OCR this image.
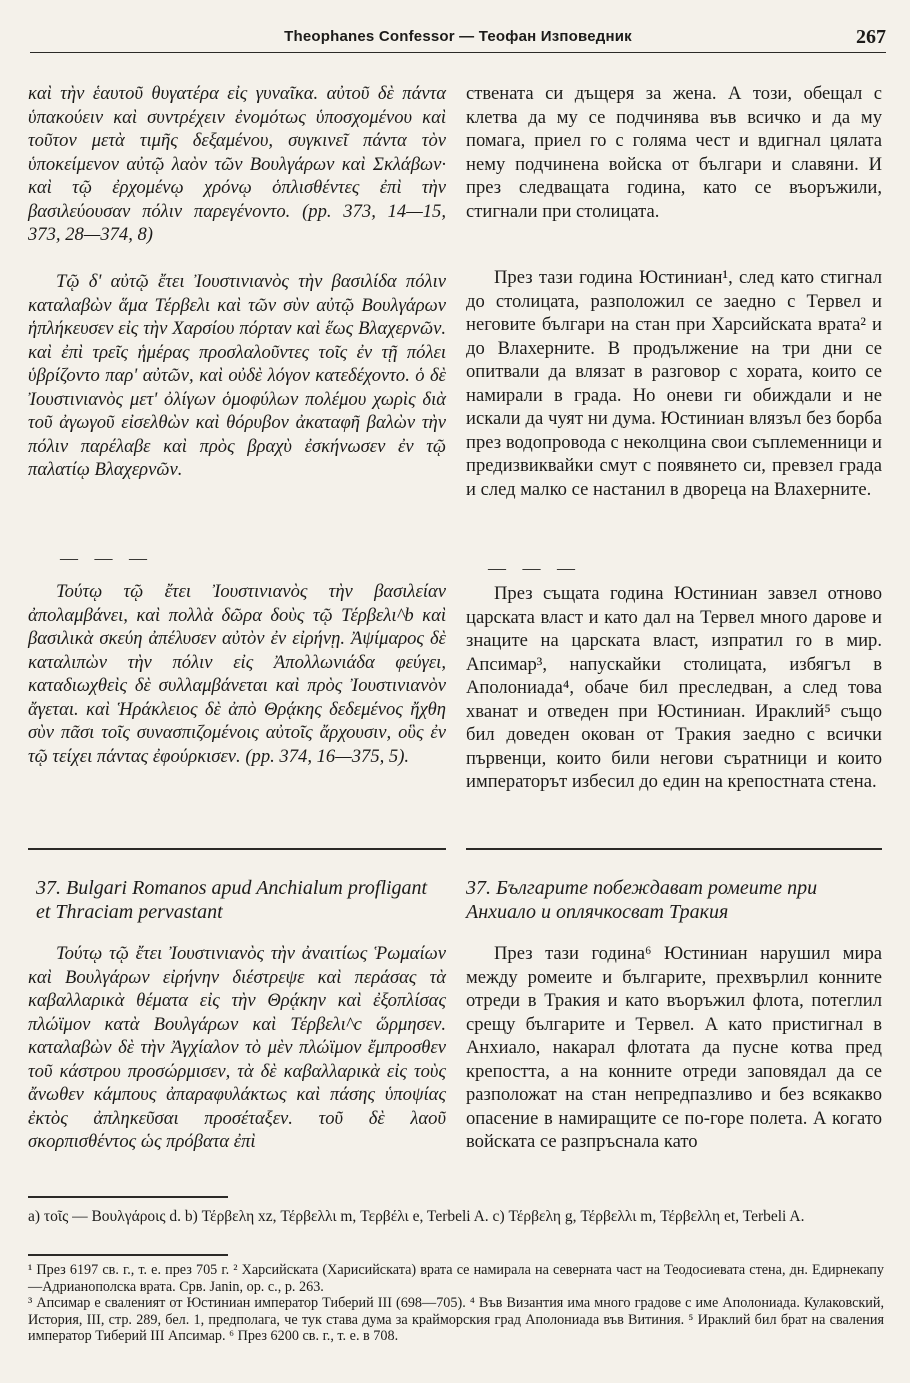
Theophanes Confessor — Теофан Изповедник	267

καὶ τὴν ἑαυτοῦ θυγατέρα εἰς γυναῖκα. αὐτοῦ δὲ πάντα ὑπακούειν καὶ συντρέχειν ἐνομότως ὑποσχομένου καὶ τοῦτον μετὰ τιμῆς δεξαμένου, συγκινεῖ πάντα τὸν ὑποκείμενον αὐτῷ λαὸν τῶν Βουλγάρων καὶ Σκλάβων· καὶ τῷ ἐρχομένῳ χρόνῳ ὁπλισθέντες ἐπὶ τὴν βασιλεύουσαν πόλιν παρεγένοντο. (pp. 373, 14—15, 373, 28—374, 8)

Τῷ δ' αὐτῷ ἔτει Ἰουστινιανὸς τὴν βασιλίδα πόλιν καταλαβὼν ἅμα Τέρβελι καὶ τῶν σὺν αὐτῷ Βουλγάρων ἡπλήκευσεν εἰς τὴν Χαρσίου πόρταν καὶ ἕως Βλαχερνῶν. καὶ ἐπὶ τρεῖς ἡμέρας προσλαλοῦντες τοῖς ἐν τῇ πόλει ὑβρίζοντο παρ' αὐτῶν, καὶ οὐδὲ λόγον κατεδέχοντο. ὁ δὲ Ἰουστινιανὸς μετ' ὀλίγων ὁμοφύλων πολέμου χωρὶς διὰ τοῦ ἀγωγοῦ εἰσελθὼν καὶ θόρυβον ἀκαταφῆ βαλὼν τὴν πόλιν παρέλαβε καὶ πρὸς βραχὺ ἐσκήνωσεν ἐν τῷ παλατίῳ Βλαχερνῶν.

— — —

Τούτῳ τῷ ἔτει Ἰουστινιανὸς τὴν βασιλείαν ἀπολαμβάνει, καὶ πολλὰ δῶρα δοὺς τῷ Τέρβελι^b καὶ βασιλικὰ σκεύη ἀπέλυσεν αὐτὸν ἐν εἰρήνῃ. Ἀψίμαρος δὲ καταλιπὼν τὴν πόλιν εἰς Ἀπολλωνιάδα φεύγει, καταδιωχθεὶς δὲ συλλαμβάνεται καὶ πρὸς Ἰουστινιανὸν ἄγεται. καὶ Ἡράκλειος δὲ ἀπὸ Θρᾴκης δεδεμένος ἤχθη σὺν πᾶσι τοῖς συνασπιζομένοις αὐτοῖς ἄρχουσιν, οὓς ἐν τῷ τείχει πάντας ἐφούρκισεν. (pp. 374, 16—375, 5).

37. Bulgari Romanos apud Anchialum profligant et Thraciam pervastant

Τούτῳ τῷ ἔτει Ἰουστινιανὸς τὴν ἀναιτίως Ῥωμαίων καὶ Βουλγάρων εἰρήνην διέστρεψε καὶ περάσας τὰ καβαλλαρικὰ θέματα εἰς τὴν Θρᾴκην καὶ ἐξοπλίσας πλώϊμον κατὰ Βουλγάρων καὶ Τέρβελι^c ὥρμησεν. καταλαβὼν δὲ τὴν Ἀγχίαλον τὸ μὲν πλώϊμον ἔμπροσθεν τοῦ κάστρου προσώρμισεν, τὰ δὲ καβαλλαρικὰ εἰς τοὺς ἄνωθεν κάμπους ἀπαραφυλάκτως καὶ πάσης ὑποψίας ἐκτὸς ἀπληκεῦσαι προσέταξεν. τοῦ δὲ λαοῦ σκορπισθέντος ὡς πρόβατα ἐπὶ

ствената си дъщеря за жена. А този, обещал с клетва да му се подчинява във всичко и да му помага, приел го с голяма чест и вдигнал цялата нему подчинена войска от българи и славяни. И през следващата година, като се въоръжили, стигнали при столицата.

През тази година Юстиниан¹, след като стигнал до столицата, разположил се заедно с Тервел и неговите българи на стан при Харсийската врата² и до Влахерните. В продължение на три дни се опитвали да влязат в разговор с хората, които се намирали в града. Но оневи ги обиждали и не искали да чуят ни дума. Юстиниан влязъл без борба през водопровода с неколцина свои съплеменници и предизвиквайки смут с появянето си, превзел града и след малко се настанил в двореца на Влахерните.

— — —

През същата година Юстиниан завзел отново царската власт и като дал на Тервел много дарове и знаците на царската власт, изпратил го в мир. Апсимар³, напускайки столицата, избягъл в Аполониада⁴, обаче бил преследван, а след това хванат и отведен при Юстиниан. Ираклий⁵ също бил доведен окован от Тракия заедно с всички първенци, които били негови сърaтници и които императорът избесил до един на крепостната стена.

37. Българите побеждават ромеите при Анхиало и оплячкосват Тракия

През тази година⁶ Юстиниан нарушил мира между ромеите и българите, прехвърлил конните отреди в Тракия и като въоръжил флота, потеглил срещу българите и Тервел. А като пристигнал в Анхиало, накарал флотата да пусне котва пред крепостта, а на конните отреди заповядал да се разположат на стан непредпазливо и без всякакво опасение в намиращите се по-горе полета. А когато войската се разпръснала като

a) τοῖς — Βουλγάροις d. b) Τέρβελη xz, Τέρβελλι m, Τερβέλι e, Terbeli A. c) Τέρβελη g, Τέρβελλι m, Τέρβελλη et, Terbeli A.

¹ През 6197 св. г., т. е. през 705 г. ² Харсийската (Харисийската) врата се намирала на северната част на Теодосиевата стена, дн. Едирнекапу—Адрианополска врата. Срв. Janin, op. c., p. 263.

³ Апсимар е свалeният от Юстиниан император Тиберий III (698—705). ⁴ Във Византия има много градове с име Аполониада. Кулаковский, История, III, стр. 289, бел. 1, предполага, че тук става дума за крайморския град Аполониада във Витиния. ⁵ Ираклий бил брат на сваления император Тиберий III Апсимар. ⁶ През 6200 св. г., т. е. в 708.
